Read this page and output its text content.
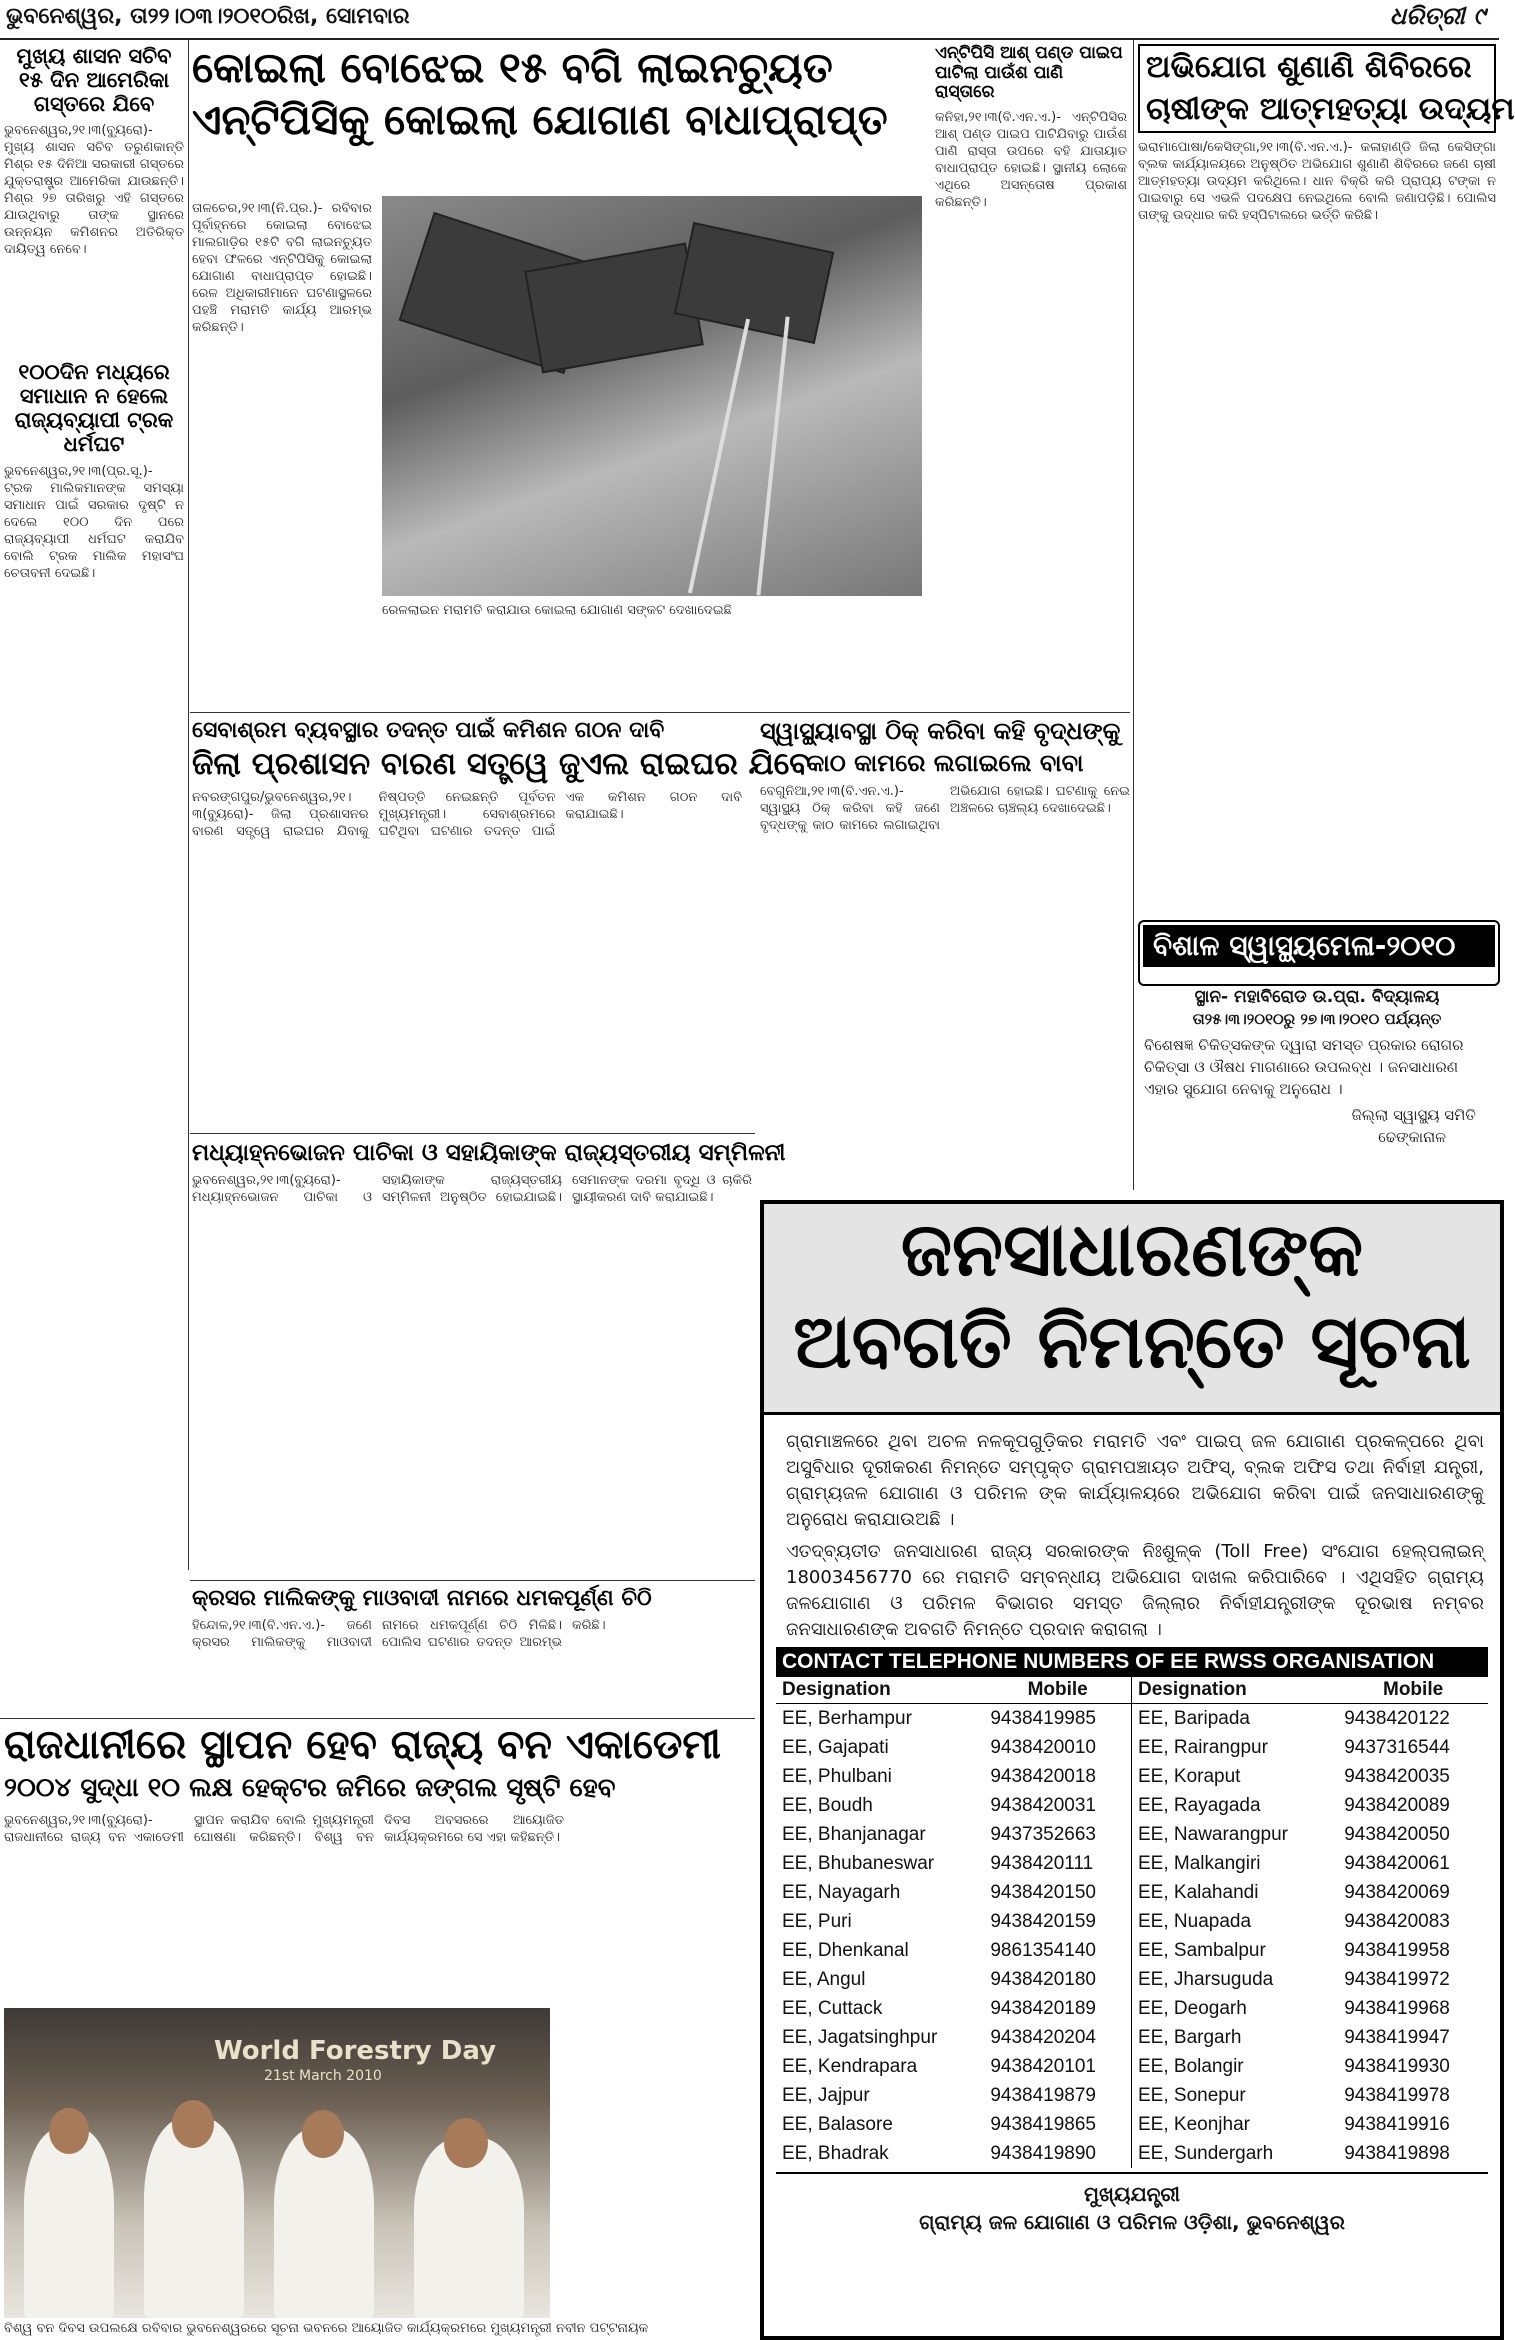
ଭୁବନେଶ୍ୱର, ତା୨୨।୦୩।୨୦୧୦ରିଖ, ସୋମବାର	ଧରିତ୍ରୀ ୯
ମୁଖ୍ୟ ଶାସନ ସଚିବ ୧୫ ଦିନ ଆମେରିକା ଗସ୍ତରେ ଯିବେ
ଭୁବନେଶ୍ୱର,୨୧।୩(ବ୍ୟୁରୋ)- ମୁଖ୍ୟ ଶାସନ ସଚିବ ତରୁଣକାନ୍ତି ମିଶ୍ର ୧୫ ଦିନିଆ ସରକାରୀ ଗସ୍ତରେ ଯୁକ୍ତରାଷ୍ଟ୍ର ଆମେରିକା ଯାଉଛନ୍ତି। ମିଶ୍ର ୨୭ ତାରିଖରୁ ଏହି ଗସ୍ତରେ ଯାଉଥିବାରୁ ତାଙ୍କ ସ୍ଥାନରେ ଉନ୍ନୟନ କମିଶନର ଅତିରିକ୍ତ ଦାୟିତ୍ୱ ନେବେ।
୧୦୦ଦିନ ମଧ୍ୟରେ ସମାଧାନ ନ ହେଲେ ରାଜ୍ୟବ୍ୟାପୀ ଟ୍ରକ ଧର୍ମଘଟ
ଭୁବନେଶ୍ୱର,୨୧।୩(ପ୍ର.ସୂ.)- ଟ୍ରକ ମାଲିକମାନଙ୍କ ସମସ୍ୟା ସମାଧାନ ପାଇଁ ସରକାର ଦୃଷ୍ଟି ନ ଦେଲେ ୧୦୦ ଦିନ ପରେ ରାଜ୍ୟବ୍ୟାପୀ ଧର୍ମଘଟ କରାଯିବ ବୋଲି ଟ୍ରକ ମାଲିକ ମହାସଂଘ ଚେତାବନୀ ଦେଇଛି।
କୋଇଲା ବୋଝେଇ ୧୫ ବଗି ଲାଇନଚ୍ୟୁତ
ଏନ୍‌ଟିପିସିକୁ କୋଇଲା ଯୋଗାଣ ବାଧାପ୍ରାପ୍ତ
ତାଳଚେର,୨୧।୩(ନି.ପ୍ର.)- ରବିବାର ପୂର୍ବାହ୍ନରେ କୋଇଲା ବୋଝେଇ ମାଲଗାଡ଼ିର ୧୫ଟି ବଗି ଲାଇନଚ୍ୟୁତ ହେବା ଫଳରେ ଏନ୍‌ଟିପିସିକୁ କୋଇଲା ଯୋଗାଣ ବାଧାପ୍ରାପ୍ତ ହୋଇଛି। ରେଳ ଅଧିକାରୀମାନେ ଘଟଣାସ୍ଥଳରେ ପହଞ୍ଚି ମରାମତି କାର୍ଯ୍ୟ ଆରମ୍ଭ କରିଛନ୍ତି।
ରେଳଲାଇନ ମରାମତି କରାଯାଉ କୋଇଲା ଯୋଗାଣ ସଙ୍କଟ ଦେଖାଦେଇଛି
ଏନ୍‌ଟିପିସି ଆଶ୍‌ ପଣ୍ଡ ପାଇପ ପାଟିଲା ପାଉଁଶ ପାଣି ରାସ୍ତାରେ
କନିହା,୨୧।୩(ବି.ଏନ.ଏ.)- ଏନ୍‌ଟିପିସିର ଆଶ୍‌ ପଣ୍ଡ ପାଇପ ପାଟିଯିବାରୁ ପାଉଁଶ ପାଣି ରାସ୍ତା ଉପରେ ବହି ଯାତାୟାତ ବାଧାପ୍ରାପ୍ତ ହୋଇଛି। ସ୍ଥାନୀୟ ଲୋକେ ଏଥିରେ ଅସନ୍ତୋଷ ପ୍ରକାଶ କରିଛନ୍ତି।
ଅଭିଯୋଗ ଶୁଣାଣି ଶିବିରରେ
ଚାଷୀଙ୍କ ଆତ୍ମହତ୍ୟା ଉଦ୍ୟମ
ଭରାମାପୋଷା/କେସିଙ୍ଗା,୨୧।୩(ବି.ଏନ.ଏ.)- କଳାହାଣ୍ଡି ଜିଲା କେସିଙ୍ଗା ବ୍ଲକ କାର୍ଯ୍ୟାଳୟରେ ଅନୁଷ୍ଠିତ ଅଭିଯୋଗ ଶୁଣାଣି ଶିବିରରେ ଜଣେ ଚାଷୀ ଆତ୍ମହତ୍ୟା ଉଦ୍ୟମ କରିଥିଲେ। ଧାନ ବିକ୍ରି କରି ପ୍ରାପ୍ୟ ଟଙ୍କା ନ ପାଇବାରୁ ସେ ଏଭଳି ପଦକ୍ଷେପ ନେଇଥିଲେ ବୋଲି ଜଣାପଡ଼ିଛି। ପୋଲିସ ତାଙ୍କୁ ଉଦ୍ଧାର କରି ହସ୍ପିଟାଲରେ ଭର୍ତ୍ତି କରିଛି।
ବିଶାଳ ସ୍ୱାସ୍ଥ୍ୟମେଳା-୨୦୧୦
ସ୍ଥାନ- ମହାବିରୋଡ ଉ.ପ୍ରା. ବିଦ୍ୟାଳୟ
ତା୨୫।୩।୨୦୧୦ରୁ ୨୭।୩।୨୦୧୦ ପର୍ଯ୍ୟନ୍ତ
ବିଶେଷଜ୍ଞ ଚିକିତ୍ସକଙ୍କ ଦ୍ୱାରା ସମସ୍ତ ପ୍ରକାର ରୋଗର ଚିକିତ୍ସା ଓ ଔଷଧ ମାଗଣାରେ ଉପଲବ୍ଧ । ଜନସାଧାରଣ ଏହାର ସୁଯୋଗ ନେବାକୁ ଅନୁରୋଧ ।
ଜିଲ୍ଲା ସ୍ୱାସ୍ଥ୍ୟ ସମିତି
ଢେଙ୍କାନାଳ
ସେବାଶ୍ରମ ବ୍ୟବସ୍ଥାର ତଦନ୍ତ ପାଇଁ କମିଶନ ଗଠନ ଦାବି
ଜିଲା ପ୍ରଶାସନ ବାରଣ ସତ୍ତ୍ୱେ ଜୁଏଲ ରାଇଘର ଯିବେ
ନବରଙ୍ଗପୁର/ଭୁବନେଶ୍ୱର,୨୧।୩(ବ୍ୟୁରୋ)- ଜିଲା ପ୍ରଶାସନର ବାରଣ ସତ୍ତ୍ୱେ ରାଇଘର ଯିବାକୁ ନିଷ୍ପତ୍ତି ନେଇଛନ୍ତି ପୂର୍ବତନ ମୁଖ୍ୟମନ୍ତ୍ରୀ। ସେବାଶ୍ରମରେ ଘଟିଥିବା ଘଟଣାର ତଦନ୍ତ ପାଇଁ ଏକ କମିଶନ ଗଠନ ଦାବି କରାଯାଇଛି।
ସ୍ୱାସ୍ଥ୍ୟାବସ୍ଥା ଠିକ୍‌ କରିବା କହି ବୃଦ୍ଧଙ୍କୁ
କାଠ କାମରେ ଲଗାଇଲେ ବାବା
ବେଗୁନିଆ,୨୧।୩(ବି.ଏନ.ଏ.)- ସ୍ୱାସ୍ଥ୍ୟ ଠିକ୍‌ କରିବା କହି ଜଣେ ବୃଦ୍ଧଙ୍କୁ କାଠ କାମରେ ଲଗାଇଥିବା ଅଭିଯୋଗ ହୋଇଛି। ଘଟଣାକୁ ନେଇ ଅଞ୍ଚଳରେ ଚାଞ୍ଚଲ୍ୟ ଦେଖାଦେଇଛି।
ମଧ୍ୟାହ୍ନଭୋଜନ ପାଚିକା ଓ ସହାୟିକାଙ୍କ ରାଜ୍ୟସ୍ତରୀୟ ସମ୍ମିଳନୀ
ଭୁବନେଶ୍ୱର,୨୧।୩(ବ୍ୟୁରୋ)- ମଧ୍ୟାହ୍ନଭୋଜନ ପାଚିକା ଓ ସହାୟିକାଙ୍କ ରାଜ୍ୟସ୍ତରୀୟ ସମ୍ମିଳନୀ ଅନୁଷ୍ଠିତ ହୋଇଯାଇଛି। ସେମାନଙ୍କ ଦରମା ବୃଦ୍ଧି ଓ ଚାକିରି ସ୍ଥାୟୀକରଣ ଦାବି କରାଯାଇଛି।
କ୍ରସର ମାଲିକଙ୍କୁ ମାଓବାଦୀ ନାମରେ ଧମକପୂର୍ଣ୍ଣ ଚିଠି
ହିନ୍ଦୋଳ,୨୧।୩(ବି.ଏନ.ଏ.)- ଜଣେ କ୍ରସର ମାଲିକଙ୍କୁ ମାଓବାଦୀ ନାମରେ ଧମକପୂର୍ଣ୍ଣ ଚିଠି ମିଳିଛି। ପୋଲିସ ଘଟଣାର ତଦନ୍ତ ଆରମ୍ଭ କରିଛି।
ରାଜଧାନୀରେ ସ୍ଥାପନ ହେବ ରାଜ୍ୟ ବନ ଏକାଡେମୀ
୨୦୦୪ ସୁଦ୍ଧା ୧୦ ଲକ୍ଷ ହେକ୍ଟର ଜମିରେ ଜଙ୍ଗଲ ସୃଷ୍ଟି ହେବ
ଭୁବନେଶ୍ୱର,୨୧।୩(ବ୍ୟୁରୋ)- ରାଜଧାନୀରେ ରାଜ୍ୟ ବନ ଏକାଡେମୀ ସ୍ଥାପନ କରାଯିବ ବୋଲି ମୁଖ୍ୟମନ୍ତ୍ରୀ ଘୋଷଣା କରିଛନ୍ତି। ବିଶ୍ୱ ବନ ଦିବସ ଅବସରରେ ଆୟୋଜିତ କାର୍ଯ୍ୟକ୍ରମରେ ସେ ଏହା କହିଛନ୍ତି।
World Forestry Day
21st March 2010
ବିଶ୍ୱ ବନ ଦିବସ ଉପଲକ୍ଷେ ରବିବାର ଭୁବନେଶ୍ୱରରେ ସୂଚନା ଭବନରେ ଆୟୋଜିତ କାର୍ଯ୍ୟକ୍ରମରେ ମୁଖ୍ୟମନ୍ତ୍ରୀ ନବୀନ ପଟ୍ଟନାୟକ
ଜନସାଧାରଣଙ୍କ
ଅବଗତି ନିମନ୍ତେ ସୂଚନା
ଗ୍ରାମାଞ୍ଚଳରେ ଥିବା ଅଚଳ ନଳକୂପଗୁଡ଼ିକର ମରାମତି ଏବଂ ପାଇପ୍ ଜଳ ଯୋଗାଣ ପ୍ରକଳ୍ପରେ ଥିବା ଅସୁବିଧାର ଦୂରୀକରଣ ନିମନ୍ତେ ସମ୍ପୃକ୍ତ ଗ୍ରାମପଞ୍ଚାୟତ ଅଫିସ୍, ବ୍ଲକ ଅଫିସ ତଥା ନିର୍ବାହୀ ଯନ୍ତ୍ରୀ, ଗ୍ରାମ୍ୟଜଳ ଯୋଗାଣ ଓ ପରିମଳ ଙ୍କ କାର୍ଯ୍ୟାଳୟରେ ଅଭିଯୋଗ କରିବା ପାଇଁ ଜନସାଧାରଣଙ୍କୁ ଅନୁରୋଧ କରାଯାଉଅଛି ।
ଏତଦ୍‌ବ୍ୟତୀତ ଜନସାଧାରଣ ରାଜ୍ୟ ସରକାରଙ୍କ ନିଃଶୁଳ୍କ (Toll Free) ସଂଯୋଗ ହେଲ୍‌ପଲାଇନ୍ 18003456770 ରେ ମରାମତି ସମ୍ବନ୍ଧୀୟ ଅଭିଯୋଗ ଦାଖଲ କରିପାରିବେ । ଏଥିସହିତ ଗ୍ରାମ୍ୟ ଜଳଯୋଗାଣ ଓ ପରିମଳ ବିଭାଗର ସମସ୍ତ ଜିଲ୍ଲାର ନିର୍ବାହୀଯନ୍ତ୍ରୀଙ୍କ ଦୂରଭାଷ ନମ୍ବର ଜନସାଧାରଣଙ୍କ ଅବଗତି ନିମନ୍ତେ ପ୍ରଦାନ କରାଗଲା ।
CONTACT TELEPHONE NUMBERS OF EE RWSS ORGANISATION
Designation	Mobile
EE, Berhampur	9438419985
EE, Gajapati	9438420010
EE, Phulbani	9438420018
EE, Boudh	9438420031
EE, Bhanjanagar	9437352663
EE, Bhubaneswar	9438420111
EE, Nayagarh	9438420150
EE, Puri	9438420159
EE, Dhenkanal	9861354140
EE, Angul	9438420180
EE, Cuttack	9438420189
EE, Jagatsinghpur	9438420204
EE, Kendrapara	9438420101
EE, Jajpur	9438419879
EE, Balasore	9438419865
EE, Bhadrak	9438419890
Designation	Mobile
EE, Baripada	9438420122
EE, Rairangpur	9437316544
EE, Koraput	9438420035
EE, Rayagada	9438420089
EE, Nawarangpur	9438420050
EE, Malkangiri	9438420061
EE, Kalahandi	9438420069
EE, Nuapada	9438420083
EE, Sambalpur	9438419958
EE, Jharsuguda	9438419972
EE, Deogarh	9438419968
EE, Bargarh	9438419947
EE, Bolangir	9438419930
EE, Sonepur	9438419978
EE, Keonjhar	9438419916
EE, Sundergarh	9438419898
ମୁଖ୍ୟଯନ୍ତ୍ରୀ
ଗ୍ରାମ୍ୟ ଜଳ ଯୋଗାଣ ଓ ପରିମଳ ଓଡ଼ିଶା, ଭୁବନେଶ୍ୱର
